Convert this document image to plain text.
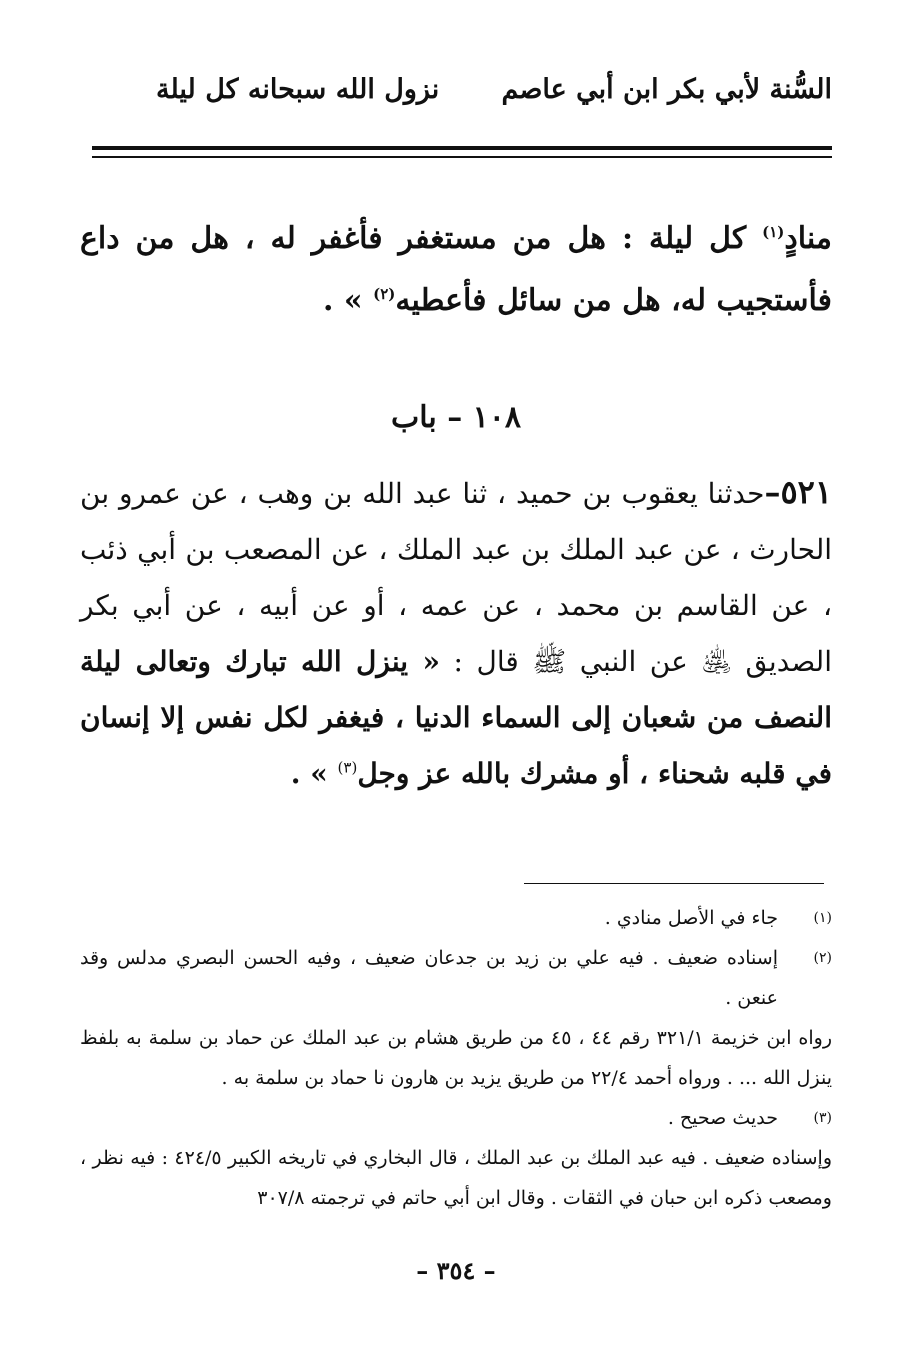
السُّنة لأبي بكر ابن أبي عاصم
نزول الله سبحانه كل ليلة
منادٍ$^{(١)}$ كل ليلة : هل من مستغفر فأغفر له ، هل من داع فأستجيب له، هل من سائل فأعطيه$^{(٢)}$ » .
١٠٨ – باب
٥٢١–حدثنا يعقوب بن حميد ، ثنا عبد الله بن وهب ، عن عمرو بن الحارث ، عن عبد الملك بن عبد الملك ، عن المصعب بن أبي ذئب ، عن القاسم بن محمد ، عن عمه ، أو عن أبيه ، عن أبي بكر الصديق ﵁ عن النبي ﷺ قال : « ينزل الله تبارك وتعالى ليلة النصف من شعبان إلى السماء الدنيا ، فيغفر لكل نفس إلا إنسان في قلبه شحناء ، أو مشرك بالله عز وجل$^{(٣)}$ » .
(١)
جاء في الأصل منادي .
(٢)
إسناده ضعيف . فيه علي بن زيد بن جدعان ضعيف ، وفيه الحسن البصري مدلس وقد عنعن .
رواه ابن خزيمة ٣٢١/١ رقم ٤٤ ، ٤٥ من طريق هشام بن عبد الملك عن حماد بن سلمة به بلفظ ينزل الله ... . ورواه أحمد ٢٢/٤ من طريق يزيد بن هارون نا حماد بن سلمة به .
(٣)
حديث صحيح .
وإسناده ضعيف . فيه عبد الملك بن عبد الملك ، قال البخاري في تاريخه الكبير ٤٢٤/٥ : فيه نظر ، ومصعب ذكره ابن حبان في الثقات . وقال ابن أبي حاتم في ترجمته ٣٠٧/٨
– ٣٥٤ –
